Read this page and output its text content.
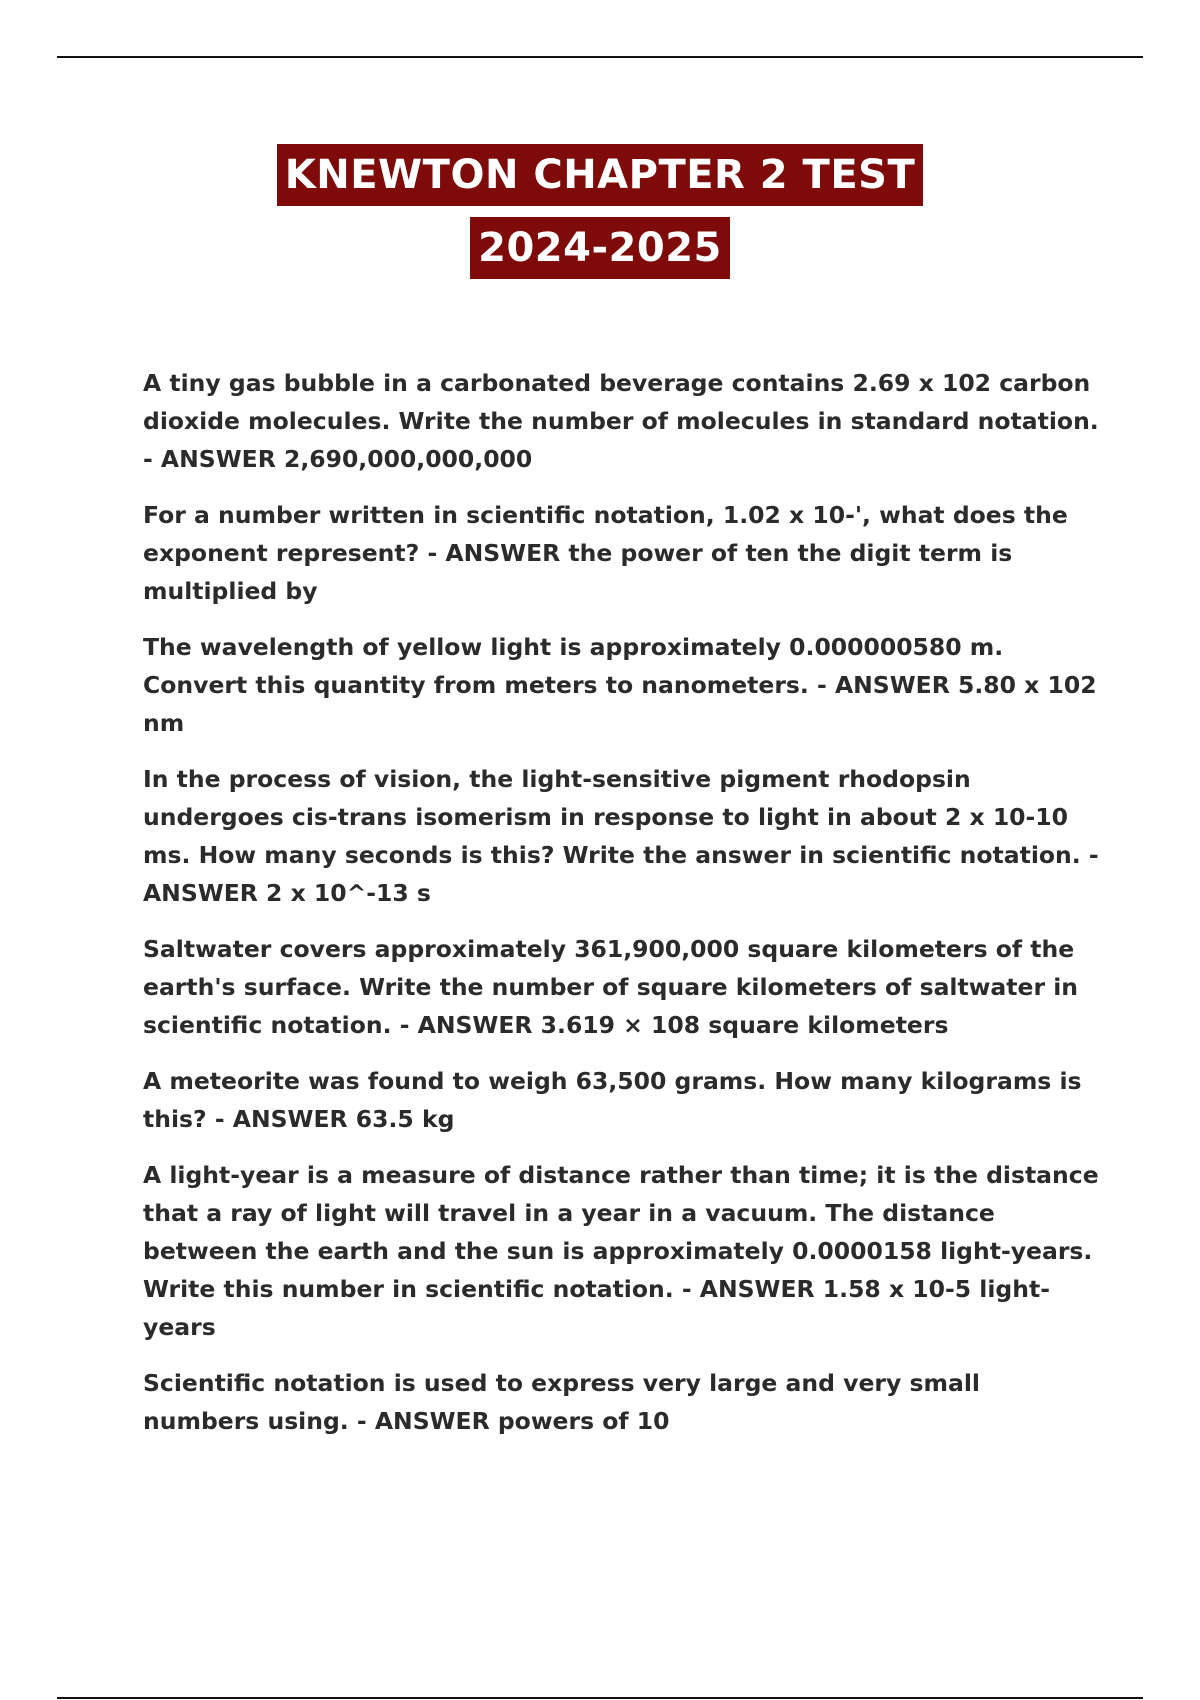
KNEWTON CHAPTER 2 TEST
2024-2025

A tiny gas bubble in a carbonated beverage contains 2.69 x 102 carbon dioxide molecules. Write the number of molecules in standard notation. - ANSWER 2,690,000,000,000

For a number written in scientific notation, 1.02 x 10-', what does the exponent represent? - ANSWER the power of ten the digit term is multiplied by

The wavelength of yellow light is approximately 0.000000580 m. Convert this quantity from meters to nanometers. - ANSWER 5.80 x 102 nm

In the process of vision, the light-sensitive pigment rhodopsin undergoes cis-trans isomerism in response to light in about 2 x 10-10 ms. How many seconds is this? Write the answer in scientific notation. - ANSWER 2 x 10^-13 s

Saltwater covers approximately 361,900,000 square kilometers of the earth's surface. Write the number of square kilometers of saltwater in scientific notation. - ANSWER 3.619 × 108 square kilometers

A meteorite was found to weigh 63,500 grams. How many kilograms is this? - ANSWER 63.5 kg

A light-year is a measure of distance rather than time; it is the distance that a ray of light will travel in a year in a vacuum. The distance between the earth and the sun is approximately 0.0000158 light-years. Write this number in scientific notation. - ANSWER 1.58 x 10-5 light-years

Scientific notation is used to express very large and very small numbers using. - ANSWER powers of 10
